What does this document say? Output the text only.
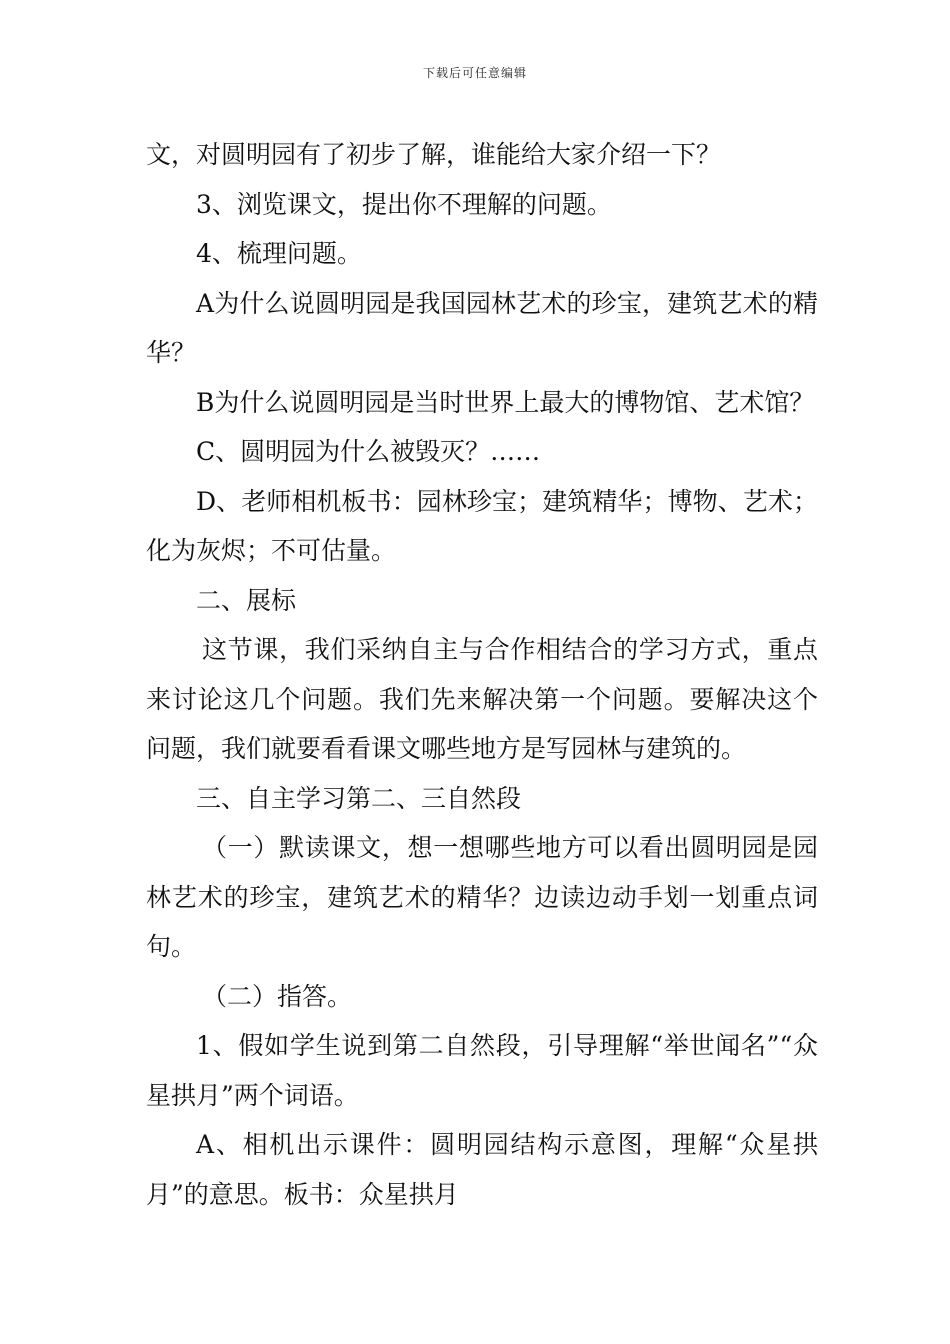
下载后可任意编辑

文，对圆明园有了初步了解，谁能给大家介绍一下？

3、浏览课文，提出你不理解的问题。

4、梳理问题。

A为什么说圆明园是我国园林艺术的珍宝，建筑艺术的精华？

B为什么说圆明园是当时世界上最大的博物馆、艺术馆？

C、圆明园为什么被毁灭？……

D、老师相机板书：园林珍宝；建筑精华；博物、艺术；化为灰烬；不可估量。

二、展标

这节课，我们采纳自主与合作相结合的学习方式，重点来讨论这几个问题。我们先来解决第一个问题。要解决这个问题，我们就要看看课文哪些地方是写园林与建筑的。

三、自主学习第二、三自然段

（一）默读课文，想一想哪些地方可以看出圆明园是园林艺术的珍宝，建筑艺术的精华？边读边动手划一划重点词句。

（二）指答。

1、假如学生说到第二自然段，引导理解“举世闻名”“众星拱月”两个词语。

A、相机出示课件：圆明园结构示意图，理解“众星拱月”的意思。板书：众星拱月
